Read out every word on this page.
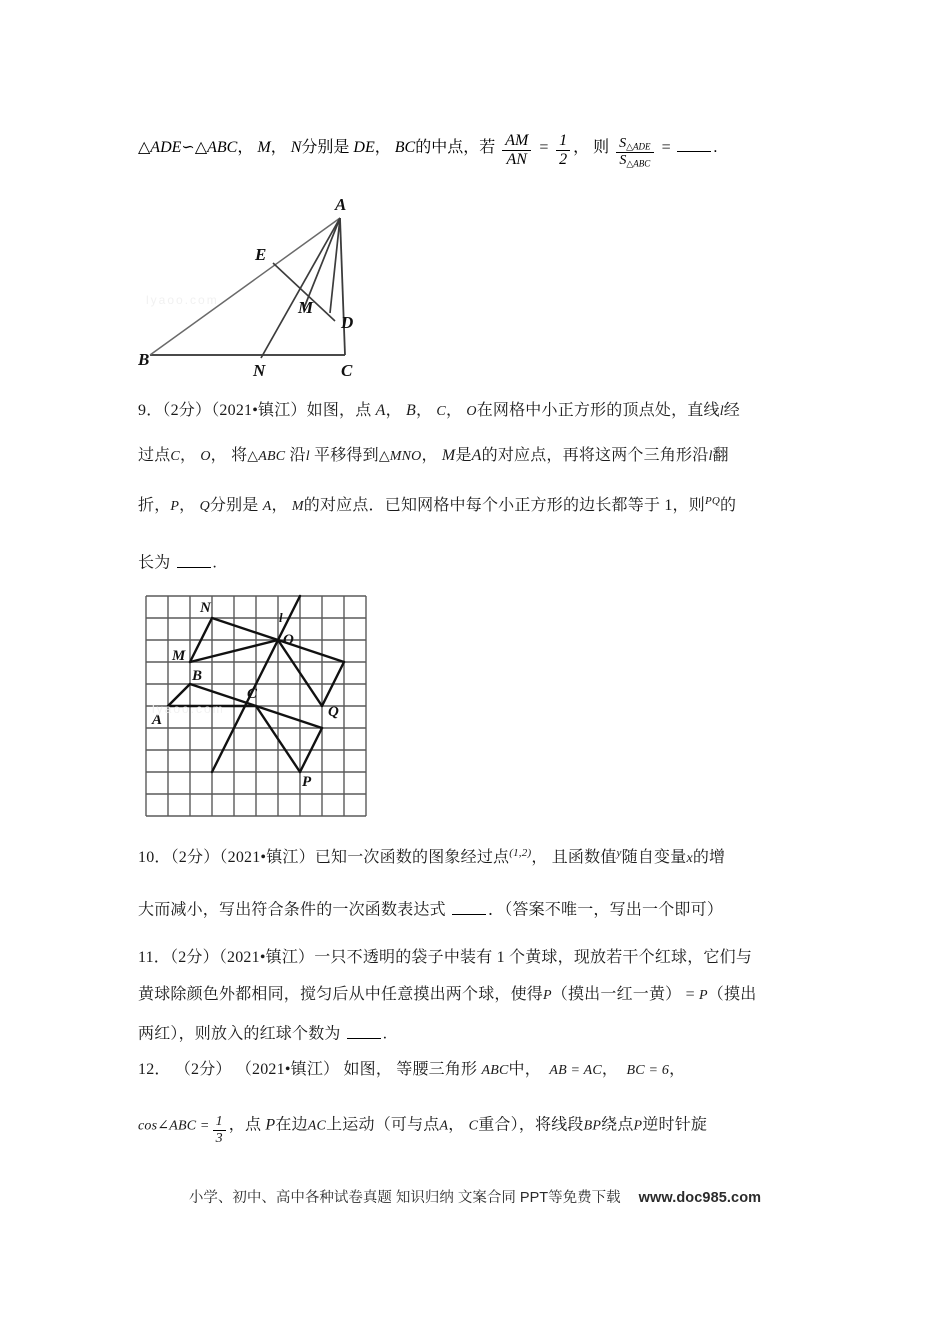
△ADE∽△ABC， M， N分别是 DE， BC的中点，若 $\frac{AM}{AN} = \frac{1}{2}$ ， 则 $\frac{S_{\triangle ADE}}{S_{\triangle ABC}}$ =	.
A
E
M
D
B
N	C
lyaoo.com
9．（2分）（2021•镇江）如图，点 A， B， C， O在网格中小正方形的顶点处，直线l经
过点C， O， 将△ABC 沿l 平移得到△MNO， M是A的对应点，再将这两个三角形沿l翻
折，P， Q分别是 A， M的对应点．已知网格中每个小正方形的边长都等于 1，则$^{PQ}$的
长为	.
N
M
O
l
B
C
A	Q
P
lyaoo.com
10．（2分）（2021•镇江）已知一次函数的图象经过点$^{(1,2)}$， 且函数值$^y$随自变量x的增
大而减小，写出符合条件的一次函数表达式	．（答案不唯一，写出一个即可）
11．（2分）（2021•镇江）一只不透明的袋子中装有 1 个黄球，现放若干个红球，它们与
黄球除颜色外都相同，搅匀后从中任意摸出两个球，使得P（摸出一红一黄） = P（摸出
两红），则放入的红球个数为	.
12． （2分） （2021•镇江） 如图， 等腰三角形 ABC中， AB = AC， BC = 6，
cos∠ABC = $\frac{1}{3}$ ，点 P在边AC上运动（可与点A， C重合），将线段BP绕点P逆时针旋
小学、初中、高中各种试卷真题 知识归纳 文案合同 PPT等免费下载 www.doc985.com
